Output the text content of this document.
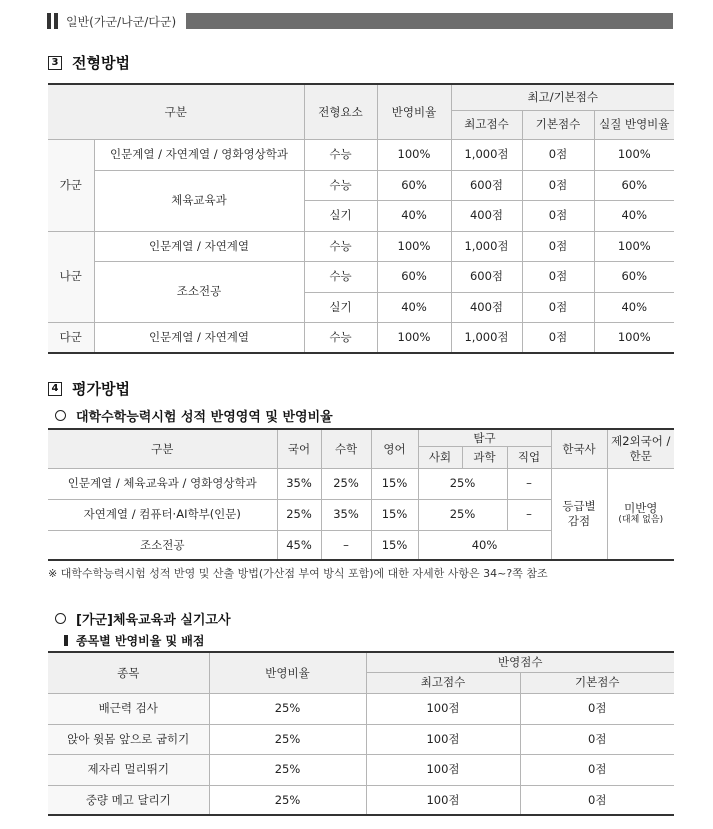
일반(가군/나군/다군)
3 전형방법
구분		전형요소	반영비율	최고/기본점수		
				최고점수	기본점수	실질 반영비율
가군	인문계열 / 자연계열 / 영화영상학과	수능	100%	1,000점	0점	100%
	체육교육과	수능	60%	600점	0점	60%
		실기	40%	400점	0점	40%
나군	인문계열 / 자연계열	수능	100%	1,000점	0점	100%
	조소전공	수능	60%	600점	0점	60%
		실기	40%	400점	0점	40%
다군	인문계열 / 자연계열	수능	100%	1,000점	0점	100%
4 평가방법
대학수학능력시험 성적 반영영역 및 반영비율
구분	국어	수학	영어	탐구			한국사	제2외국어 /한문
				사회	과학	직업		
인문계열 / 체육교육과 / 영화영상학과	35%	25%	15%	25%		–	등급별 감점	미반영
(대체 없음)

자연계열 / 컴퓨터·AI학부(인문)	25%	35%	15%	25%		–		
조소전공	45%	–	15%	40%				
※ 대학수학능력시험 성적 반영 및 산출 방법(가산점 부여 방식 포함)에 대한 자세한 사항은 34~?쪽 참조
[가군]체육교육과 실기고사
종목별 반영비율 및 배점
종목	반영비율	반영점수	
		최고점수	기본점수
배근력 검사	25%	100점	0점
앉아 윗몸 앞으로 굽히기	25%	100점	0점
제자리 멀리뛰기	25%	100점	0점
중량 메고 달리기	25%	100점	0점
